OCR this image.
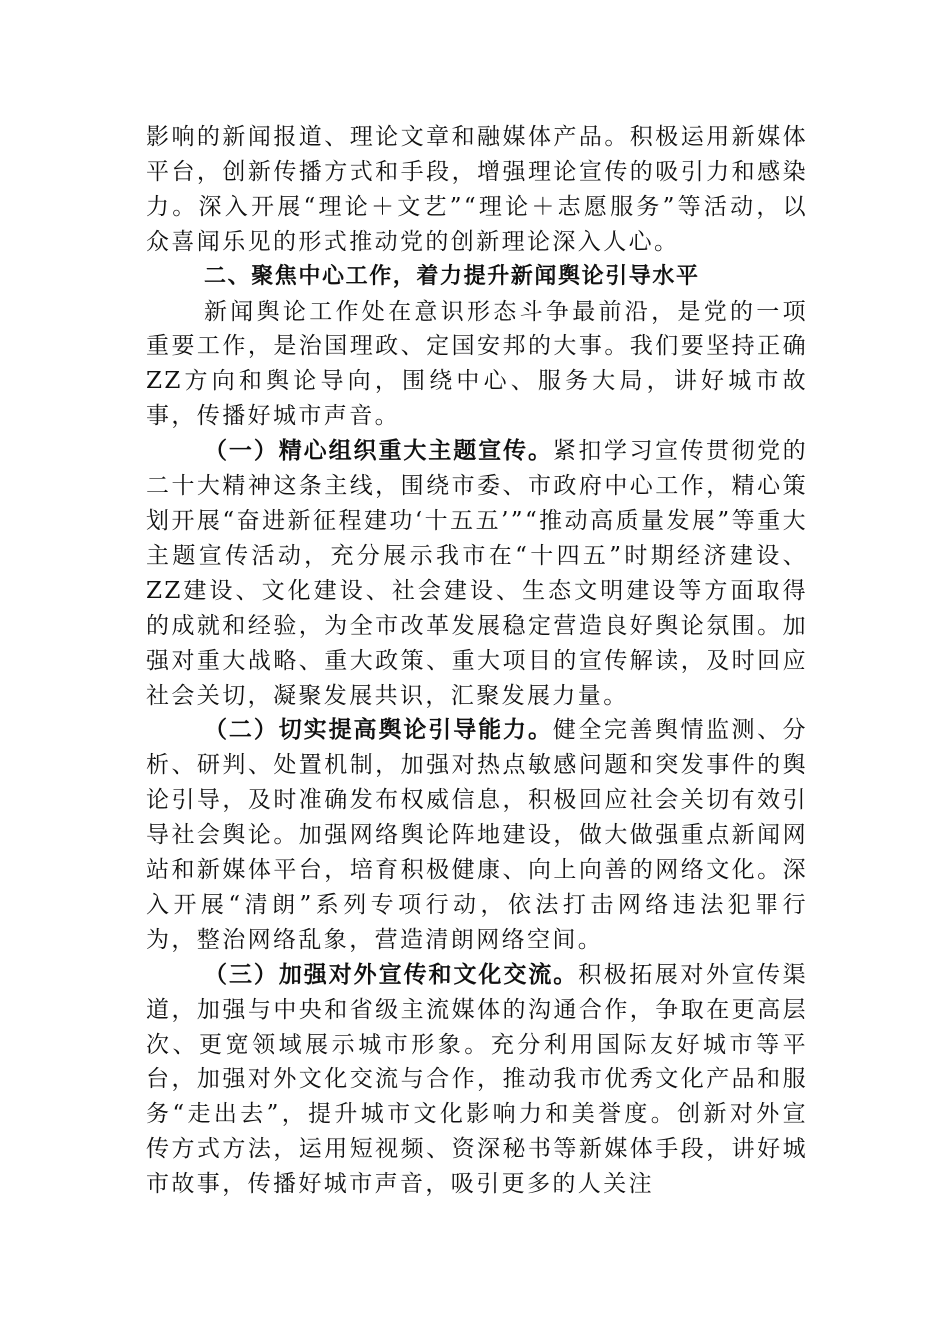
影响的新闻报道、理论文章和融媒体产品。积极运用新媒体平台，创新传播方式和手段，增强理论宣传的吸引力和感染力。深入开展“理论＋文艺”“理论＋志愿服务”等活动，以众喜闻乐见的形式推动党的创新理论深入人心。

二、聚焦中心工作，着力提升新闻舆论引导水平

新闻舆论工作处在意识形态斗争最前沿，是党的一项重要工作，是治国理政、定国安邦的大事。我们要坚持正确ZZ方向和舆论导向，围绕中心、服务大局，讲好城市故事，传播好城市声音。

（一）精心组织重大主题宣传。紧扣学习宣传贯彻党的二十大精神这条主线，围绕市委、市政府中心工作，精心策划开展“奋进新征程建功‘十五五’”“推动高质量发展”等重大主题宣传活动，充分展示我市在“十四五”时期经济建设、ZZ建设、文化建设、社会建设、生态文明建设等方面取得的成就和经验，为全市改革发展稳定营造良好舆论氛围。加强对重大战略、重大政策、重大项目的宣传解读，及时回应社会关切，凝聚发展共识，汇聚发展力量。

（二）切实提高舆论引导能力。健全完善舆情监测、分析、研判、处置机制，加强对热点敏感问题和突发事件的舆论引导，及时准确发布权威信息，积极回应社会关切有效引导社会舆论。加强网络舆论阵地建设，做大做强重点新闻网站和新媒体平台，培育积极健康、向上向善的网络文化。深入开展“清朗”系列专项行动，依法打击网络违法犯罪行为，整治网络乱象，营造清朗网络空间。

（三）加强对外宣传和文化交流。积极拓展对外宣传渠道，加强与中央和省级主流媒体的沟通合作，争取在更高层次、更宽领域展示城市形象。充分利用国际友好城市等平台，加强对外文化交流与合作，推动我市优秀文化产品和服务“走出去”，提升城市文化影响力和美誉度。创新对外宣传方式方法，运用短视频、资深秘书等新媒体手段，讲好城市故事，传播好城市声音，吸引更多的人关注
